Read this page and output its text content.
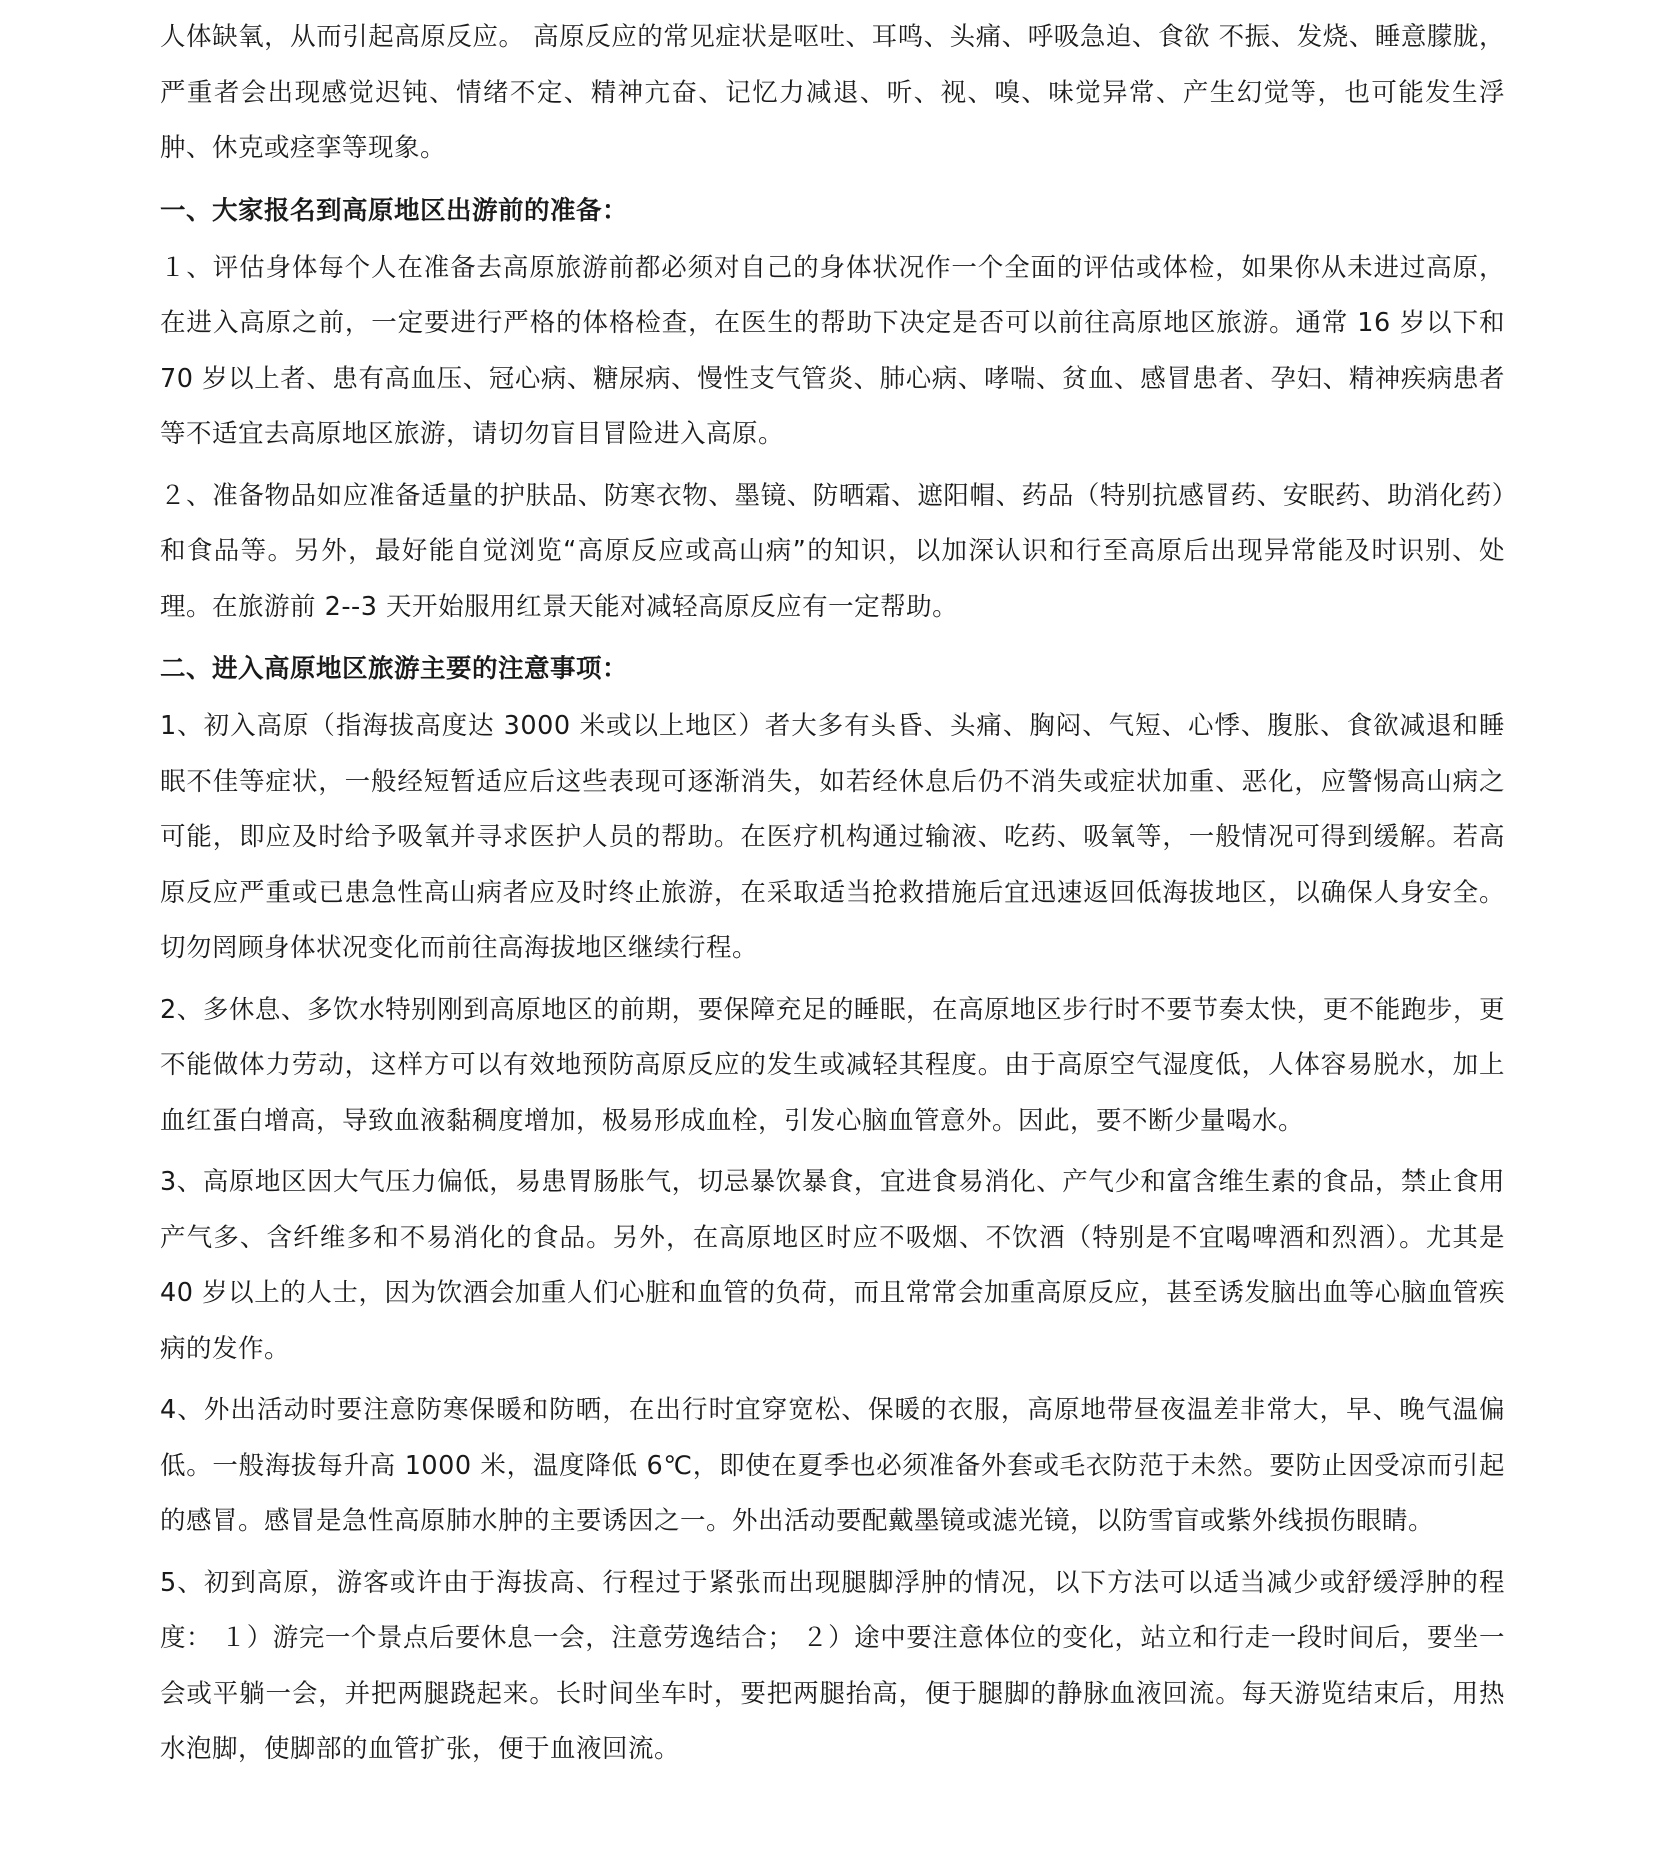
人体缺氧，从而引起高原反应。 高原反应的常见症状是呕吐、耳鸣、头痛、呼吸急迫、食欲 不振、发烧、睡意朦胧，严重者会出现感觉迟钝、情绪不定、精神亢奋、记忆力减退、听、视、嗅、味觉异常、产生幻觉等，也可能发生浮肿、休克或痉挛等现象。

一、大家报名到高原地区出游前的准备：

１、评估身体每个人在准备去高原旅游前都必须对自己的身体状况作一个全面的评估或体检，如果你从未进过高原，在进入高原之前，一定要进行严格的体格检查，在医生的帮助下决定是否可以前往高原地区旅游。通常 16 岁以下和 70 岁以上者、患有高血压、冠心病、糖尿病、慢性支气管炎、肺心病、哮喘、贫血、感冒患者、孕妇、精神疾病患者等不适宜去高原地区旅游，请切勿盲目冒险进入高原。

２、准备物品如应准备适量的护肤品、防寒衣物、墨镜、防晒霜、遮阳帽、药品（特别抗感冒药、安眠药、助消化药）和食品等。另外，最好能自觉浏览“高原反应或高山病”的知识，以加深认识和行至高原后出现异常能及时识别、处理。在旅游前 2--3 天开始服用红景天能对减轻高原反应有一定帮助。

二、进入高原地区旅游主要的注意事项：

1、初入高原（指海拔高度达 3000 米或以上地区）者大多有头昏、头痛、胸闷、气短、心悸、腹胀、食欲减退和睡眠不佳等症状，一般经短暂适应后这些表现可逐渐消失，如若经休息后仍不消失或症状加重、恶化，应警惕高山病之可能，即应及时给予吸氧并寻求医护人员的帮助。在医疗机构通过输液、吃药、吸氧等，一般情况可得到缓解。若高原反应严重或已患急性高山病者应及时终止旅游，在采取适当抢救措施后宜迅速返回低海拔地区，以确保人身安全。切勿罔顾身体状况变化而前往高海拔地区继续行程。

2、多休息、多饮水特别刚到高原地区的前期，要保障充足的睡眠，在高原地区步行时不要节奏太快，更不能跑步，更不能做体力劳动，这样方可以有效地预防高原反应的发生或减轻其程度。由于高原空气湿度低，人体容易脱水，加上血红蛋白增高，导致血液黏稠度增加，极易形成血栓，引发心脑血管意外。因此，要不断少量喝水。

3、高原地区因大气压力偏低，易患胃肠胀气，切忌暴饮暴食，宜进食易消化、产气少和富含维生素的食品，禁止食用产气多、含纤维多和不易消化的食品。另外，在高原地区时应不吸烟、不饮酒（特别是不宜喝啤酒和烈酒）。尤其是 40 岁以上的人士，因为饮酒会加重人们心脏和血管的负荷，而且常常会加重高原反应，甚至诱发脑出血等心脑血管疾病的发作。

4、外出活动时要注意防寒保暖和防晒，在出行时宜穿宽松、保暖的衣服，高原地带昼夜温差非常大，早、晚气温偏低。一般海拔每升高 1000 米，温度降低 6℃，即使在夏季也必须准备外套或毛衣防范于未然。要防止因受凉而引起的感冒。感冒是急性高原肺水肿的主要诱因之一。外出活动要配戴墨镜或滤光镜，以防雪盲或紫外线损伤眼睛。

5、初到高原，游客或许由于海拔高、行程过于紧张而出现腿脚浮肿的情况，以下方法可以适当减少或舒缓浮肿的程度： １）游完一个景点后要休息一会，注意劳逸结合； ２）途中要注意体位的变化，站立和行走一段时间后，要坐一会或平躺一会，并把两腿跷起来。长时间坐车时，要把两腿抬高，便于腿脚的静脉血液回流。每天游览结束后，用热水泡脚，使脚部的血管扩张，便于血液回流。
